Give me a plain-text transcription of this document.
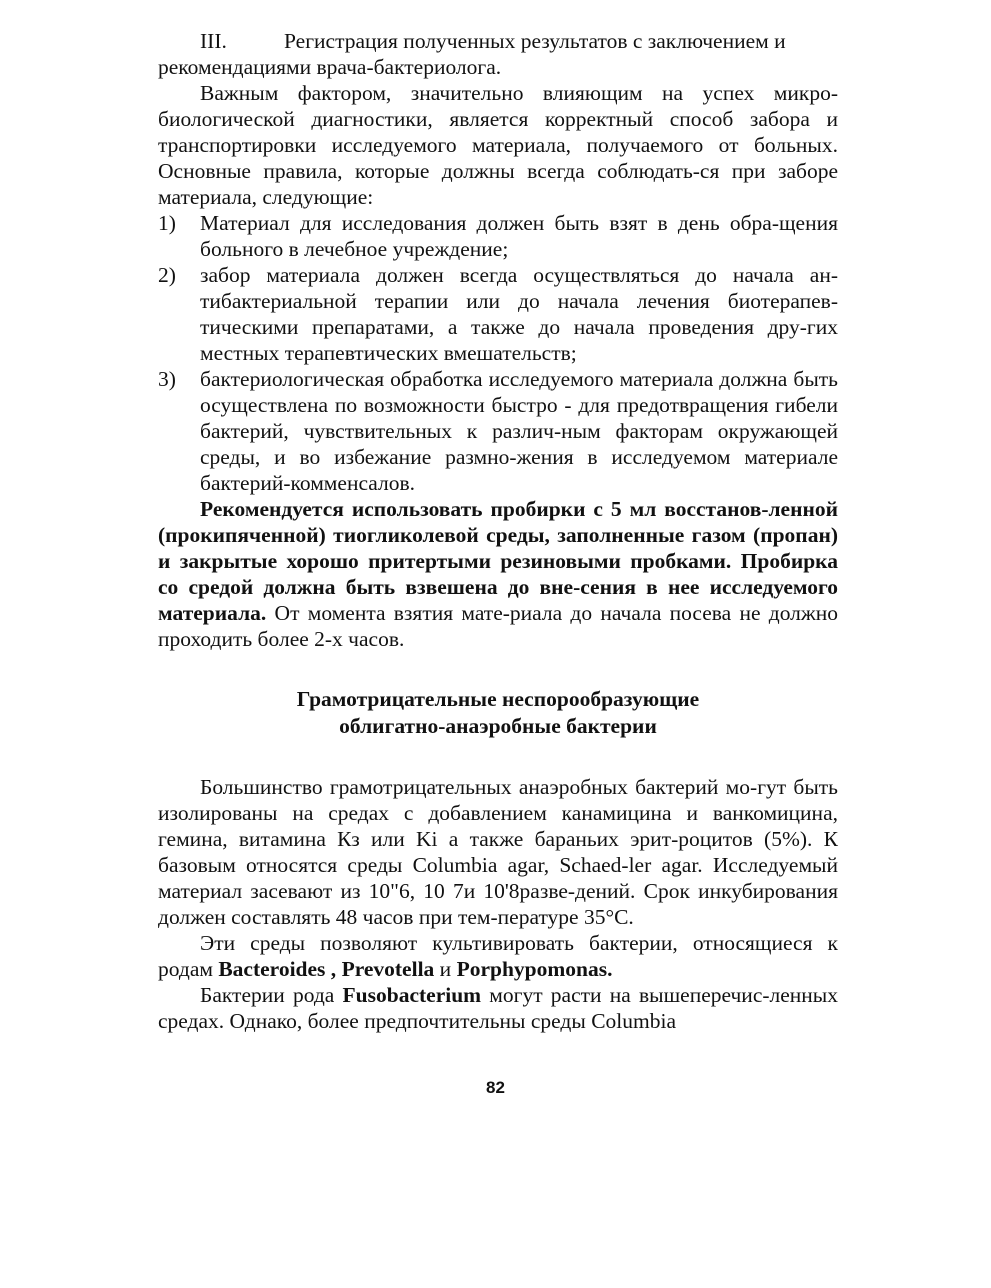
III.	Регистрация полученных результатов с заключением и

рекомендациями врача-бактериолога.

Важным фактором, значительно влияющим на успех микро-биологической диагностики, является корректный способ забора и транспортировки исследуемого материала, получаемого от больных. Основные правила, которые должны всегда соблюдать-ся при заборе материала, следующие:

1)	Материал для исследования должен быть взят в день обра-щения больного в лечебное учреждение;
2)	забор материала должен всегда осуществляться до начала ан-тибактериальной терапии или до начала лечения биотерапев-тическими препаратами, а также до начала проведения дру-гих местных терапевтических вмешательств;
3)	бактериологическая обработка исследуемого материала должна быть осуществлена по возможности быстро - для предотвращения гибели бактерий, чувствительных к различ-ным факторам окружающей среды, и во избежание размно-жения в исследуемом материале бактерий-комменсалов.

Рекомендуется использовать пробирки с 5 мл восстанов-ленной (прокипяченной) тиогликолевой среды, заполненные газом (пропан) и закрытые хорошо притертыми резиновыми пробками. Пробирка со средой должна быть взвешена до вне-сения в нее исследуемого материала. От момента взятия мате-риала до начала посева не должно проходить более 2-х часов.

Грамотрицательные неспорообразующие
облигатно-анаэробные бактерии

Большинство грамотрицательных анаэробных бактерий мо-гут быть изолированы на средах с добавлением канамицина и ванкомицина, гемина, витамина Кз или Ki а также бараньих эрит-роцитов (5%). К базовым относятся среды Columbia agar, Schaed-ler agar. Исследуемый материал засевают из 10"6, 10 7и 10'8разве-дений. Срок инкубирования должен составлять 48 часов при тем-пературе 35°С.

Эти среды позволяют культивировать бактерии, относящиеся к родам Bacteroides , Prevotella и Porphypomonas.

Бактерии рода Fusobacterium могут расти на вышеперечис-ленных средах. Однако, более предпочтительны среды Columbia

82
